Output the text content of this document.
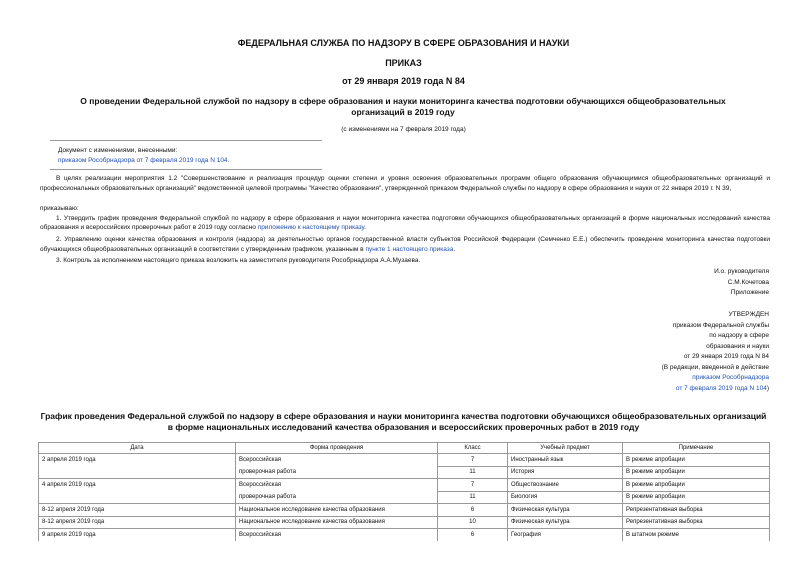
ФЕДЕРАЛЬНАЯ СЛУЖБА ПО НАДЗОРУ В СФЕРЕ ОБРАЗОВАНИЯ И НАУКИ
ПРИКАЗ
от 29 января 2019 года N 84
О проведении Федеральной службой по надзору в сфере образования и науки мониторинга качества подготовки обучающихся общеобразовательных организаций в 2019 году
(с изменениями на 7 февраля 2019 года)
Документ с изменениями, внесенными:
приказом Рособрнадзора от 7 февраля 2019 года N 104.
В целях реализации мероприятия 1.2 "Совершенствование и реализация процедур оценки степени и уровня освоения образовательных программ общего образования обучающимися общеобразовательных организаций и профессиональных образовательных организаций" ведомственной целевой программы "Качество образования", утвержденной приказом Федеральной службы по надзору в сфере образования и науки от 22 января 2019 г. N 39,
приказываю:
1. Утвердить график проведения Федеральной службой по надзору в сфере образования и науки мониторинга качества подготовки обучающихся общеобразовательных организаций в форме национальных исследований качества образования и всероссийских проверочных работ в 2019 году согласно приложению к настоящему приказу.
2. Управлению оценки качества образования и контроля (надзора) за деятельностью органов государственной власти субъектов Российской Федерации (Семченко Е.Е.) обеспечить проведение мониторинга качества подготовки обучающихся общеобразовательных организаций в соответствии с утвержденным графиком, указанным в пункте 1 настоящего приказа.
3. Контроль за исполнением настоящего приказа возложить на заместителя руководителя Рособрнадзора А.А.Музаева.
И.о. руководителя
С.М.Кочетова
Приложение
УТВЕРЖДЕН
приказом Федеральной службы
по надзору в сфере
образования и науки
от 29 января 2019 года N 84
(В редакции, введенной в действие
приказом Рособрнадзора
от 7 февраля 2019 года N 104)
График проведения Федеральной службой по надзору в сфере образования и науки мониторинга качества подготовки обучающихся общеобразовательных организаций в форме национальных исследований качества образования и всероссийских проверочных работ в 2019 году
Дата	Форма проведения	Класс	Учебный предмет	Примечание
2 апреля 2019 года	Всероссийская	7	Иностранный язык	В режиме апробации
	проверочная работа	11	История	В режиме апробации
4 апреля 2019 года	Всероссийская	7	Обществознание	В режиме апробации
	проверочная работа	11	Биология	В режиме апробации
8-12 апреля 2019 года	Национальное исследование качества образования	6	Физическая культура	Репрезентативная выборка
8-12 апреля 2019 года	Национальное исследование качества образования	10	Физическая культура	Репрезентативная выборка
9 апреля 2019 года	Всероссийская	6	География	В штатном режиме
